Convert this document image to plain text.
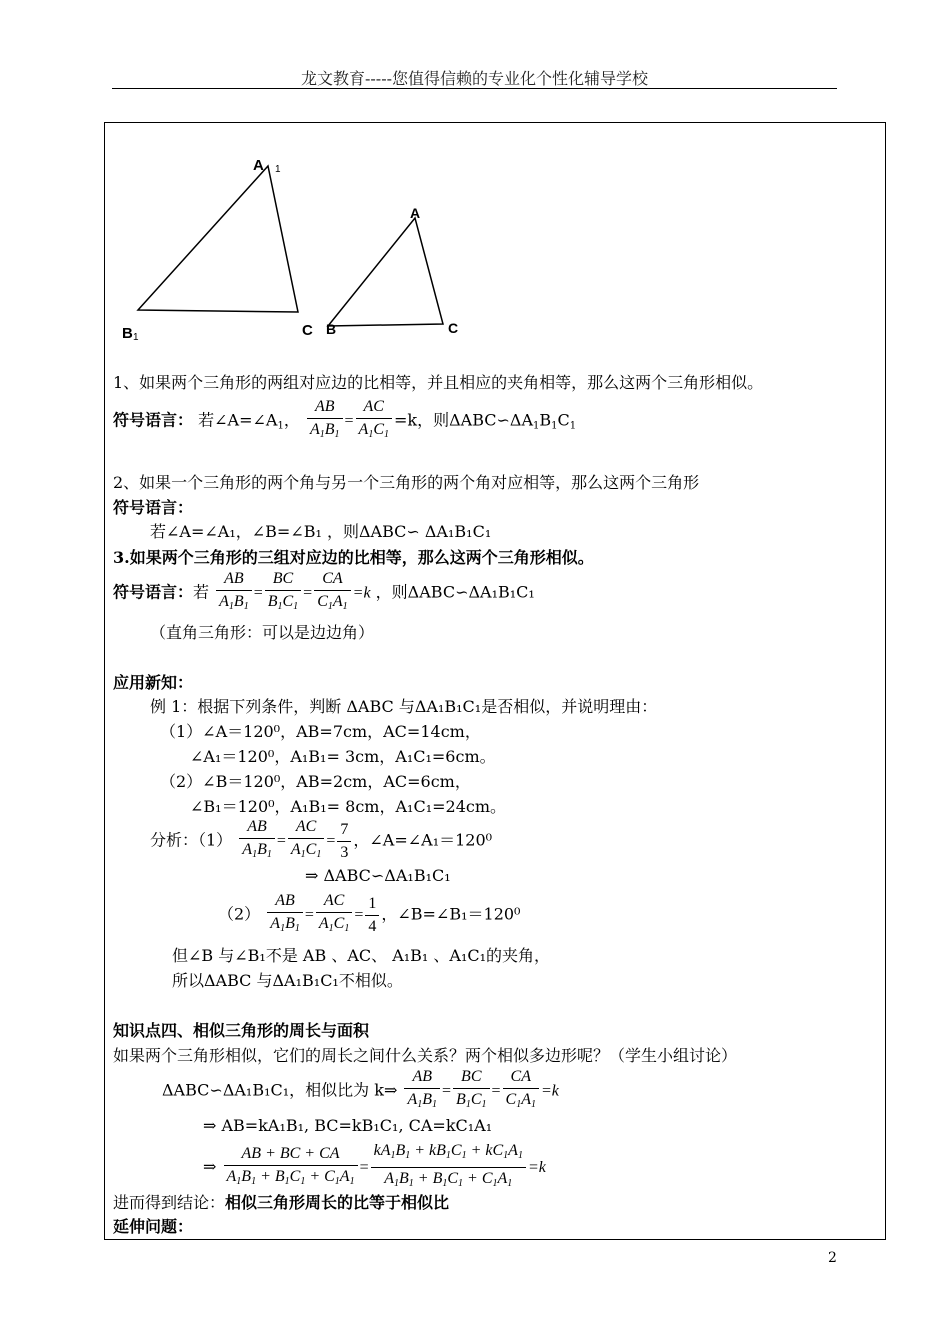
龙文教育-----您值得信赖的专业化个性化辅导学校
A 1
B 1	C
A
B	C
1、如果两个三角形的两组对应边的比相等，并且相应的夹角相等，那么这两个三角形相似。
符号语言： 若$\angle A=\angle A_1$， $\frac{AB}{A_1B_1} = \frac{AC}{A_1C_1} =k$，则$\Delta ABC∽\Delta A_1B_1C_1$
2、如果一个三角形的两个角与另一个三角形的两个角对应相等，那么这两个三角形
符号语言：
若∠A=∠A₁，∠B=∠B₁ ，则ΔABC∽ ΔA₁B₁C₁
3.如果两个三角形的三组对应边的比相等，那么这两个三角形相似。
符号语言：若 $\frac{AB}{A_1B_1} = \frac{BC}{B_1C_1} = \frac{CA}{C_1A_1} =k$ ，则ΔABC∽ΔA₁B₁C₁
（直角三角形：可以是边边角）
应用新知：
例 1：根据下列条件，判断 ΔABC 与ΔA₁B₁C₁是否相似，并说明理由：
（1）∠A＝120⁰，AB=7cm，AC=14cm，
∠A₁＝120⁰，A₁B₁= 3cm，A₁C₁=6cm。
（2）∠B＝120⁰，AB=2cm，AC=6cm，
∠B₁＝120⁰，A₁B₁= 8cm，A₁C₁=24cm。
分析：$(1) \frac{AB}{A_1B_1} = \frac{AC}{A_1C_1} = \frac{7}{3}$ ，∠A=∠A₁＝120⁰
⇒ ΔABC∽ΔA₁B₁C₁
$(2) \frac{AB}{A_1B_1} = \frac{AC}{A_1C_1} = \frac{1}{4}$ ，∠B=∠B₁＝120⁰
但∠B 与∠B₁不是 AB 、AC、 A₁B₁ 、A₁C₁的夹角，
所以ΔABC 与ΔA₁B₁C₁不相似。
知识点四、相似三角形的周长与面积
如果两个三角形相似，它们的周长之间什么关系？两个相似多边形呢？（学生小组讨论）
ΔABC∽ΔA₁B₁C₁，相似比为 k⇒ $\frac{AB}{A_1B_1} = \frac{BC}{B_1C_1} = \frac{CA}{C_1A_1} =k$
⇒ AB=kA₁B₁, BC=kB₁C₁, CA=kC₁A₁
⇒ $\frac{AB + BC + CA}{A_1B_1 + B_1C_1 + C_1A_1} = \frac{kA_1B_1 + kB_1C_1 + kC_1A_1}{A_1B_1 + B_1C_1 + C_1A_1} =k$
进而得到结论：相似三角形周长的比等于相似比
延伸问题：
2
